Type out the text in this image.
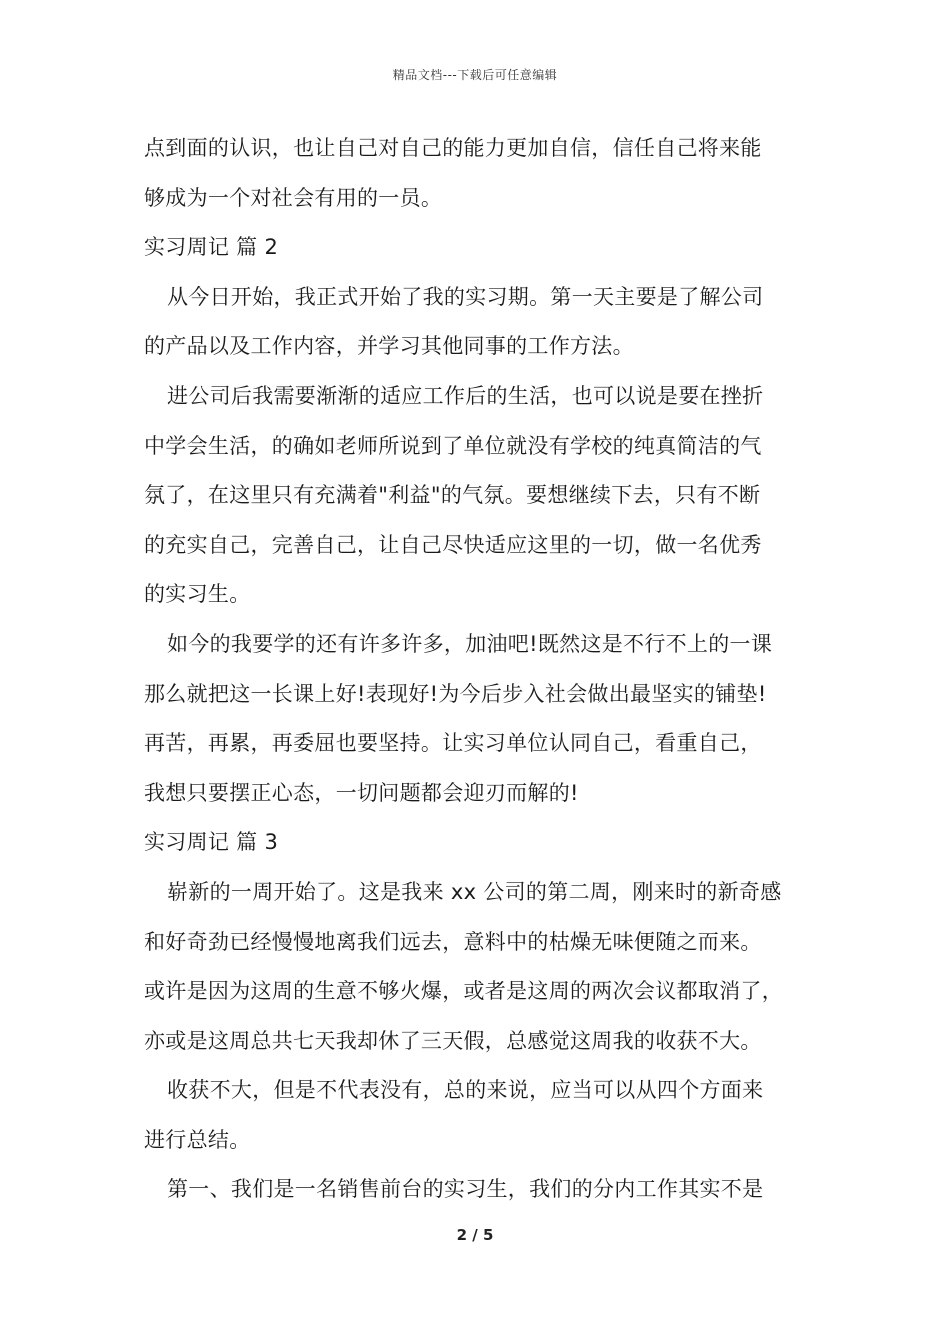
精品文档---下载后可任意编辑
点到面的认识，也让自己对自己的能力更加自信，信任自己将来能
够成为一个对社会有用的一员。
实习周记 篇 2
从今日开始，我正式开始了我的实习期。第一天主要是了解公司
的产品以及工作内容，并学习其他同事的工作方法。
进公司后我需要渐渐的适应工作后的生活，也可以说是要在挫折
中学会生活，的确如老师所说到了单位就没有学校的纯真简洁的气
氛了，在这里只有充满着"利益"的气氛。要想继续下去，只有不断
的充实自己，完善自己，让自己尽快适应这里的一切，做一名优秀
的实习生。
如今的我要学的还有许多许多，加油吧!既然这是不行不上的一课
那么就把这一长课上好!表现好!为今后步入社会做出最坚实的铺垫!
再苦，再累，再委屈也要坚持。让实习单位认同自己，看重自己，
我想只要摆正心态，一切问题都会迎刃而解的!
实习周记 篇 3
崭新的一周开始了。这是我来 xx 公司的第二周，刚来时的新奇感
和好奇劲已经慢慢地离我们远去，意料中的枯燥无味便随之而来。
或许是因为这周的生意不够火爆，或者是这周的两次会议都取消了，
亦或是这周总共七天我却休了三天假，总感觉这周我的收获不大。
收获不大，但是不代表没有，总的来说，应当可以从四个方面来
进行总结。
第一、我们是一名销售前台的实习生，我们的分内工作其实不是
2 / 5
